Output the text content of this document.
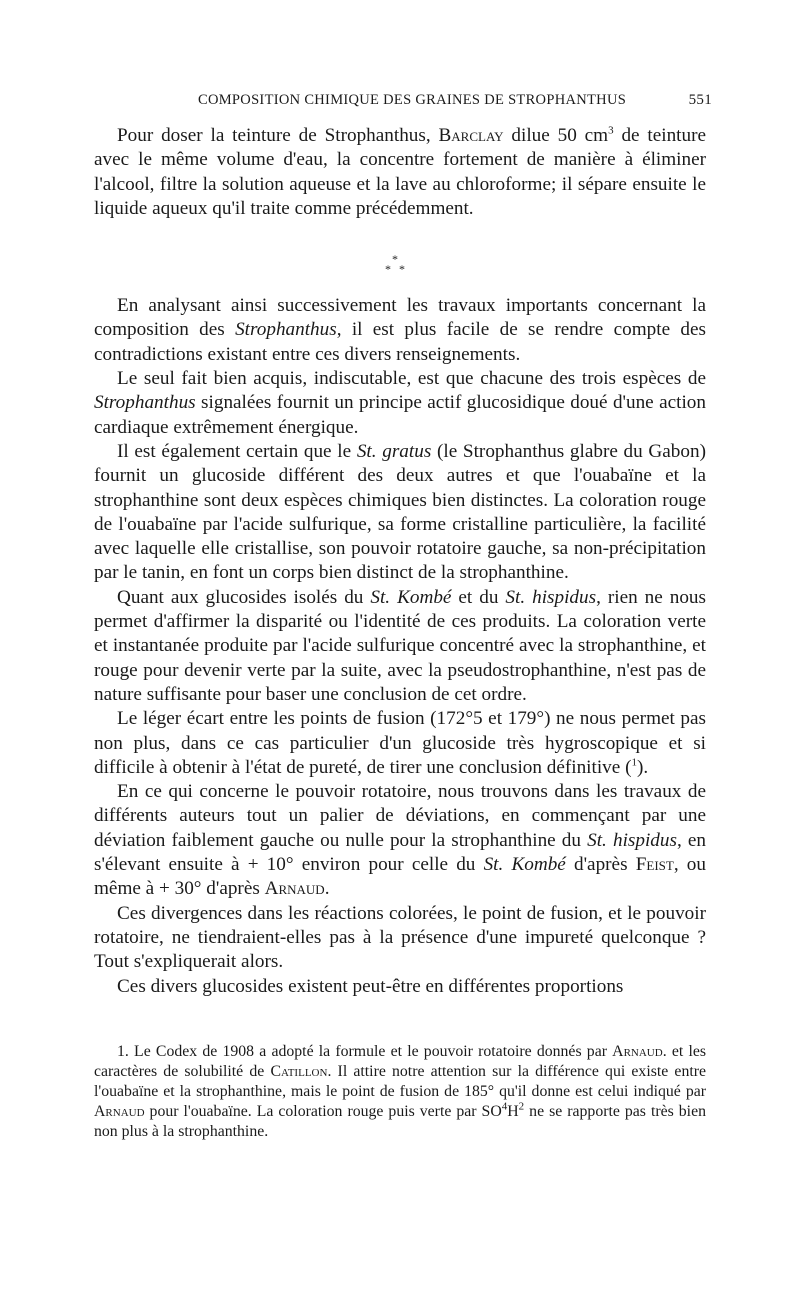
COMPOSITION CHIMIQUE DES GRAINES DE STROPHANTHUS	551

Pour doser la teinture de Strophanthus, Barclay dilue 50 $cm^3$ de teinture avec le même volume d'eau, la concentre fortement de manière à éliminer l'alcool, filtre la solution aqueuse et la lave au chloroforme; il sépare ensuite le liquide aqueux qu'il traite comme précédemment.

*
* *

En analysant ainsi successivement les travaux importants concernant la composition des Strophanthus, il est plus facile de se rendre compte des contradictions existant entre ces divers renseignements.

Le seul fait bien acquis, indiscutable, est que chacune des trois espèces de Strophanthus signalées fournit un principe actif glucosidique doué d'une action cardiaque extrêmement énergique.

Il est également certain que le St. gratus (le Strophanthus glabre du Gabon) fournit un glucoside différent des deux autres et que l'ouabaïne et la strophanthine sont deux espèces chimiques bien distinctes. La coloration rouge de l'ouabaïne par l'acide sulfurique, sa forme cristalline particulière, la facilité avec laquelle elle cristallise, son pouvoir rotatoire gauche, sa non-précipitation par le tanin, en font un corps bien distinct de la strophanthine.

Quant aux glucosides isolés du St. Kombé et du St. hispidus, rien ne nous permet d'affirmer la disparité ou l'identité de ces produits. La coloration verte et instantanée produite par l'acide sulfurique concentré avec la strophanthine, et rouge pour devenir verte par la suite, avec la pseudostrophanthine, n'est pas de nature suffisante pour baser une conclusion de cet ordre.

Le léger écart entre les points de fusion (172°5 et 179°) ne nous permet pas non plus, dans ce cas particulier d'un glucoside très hygroscopique et si difficile à obtenir à l'état de pureté, de tirer une conclusion définitive ($^1$).

En ce qui concerne le pouvoir rotatoire, nous trouvons dans les travaux de différents auteurs tout un palier de déviations, en commençant par une déviation faiblement gauche ou nulle pour la strophanthine du St. hispidus, en s'élevant ensuite à + 10° environ pour celle du St. Kombé d'après Feist, ou même à + 30° d'après Arnaud.

Ces divergences dans les réactions colorées, le point de fusion, et le pouvoir rotatoire, ne tiendraient-elles pas à la présence d'une impureté quelconque ? Tout s'expliquerait alors.

Ces divers glucosides existent peut-être en différentes proportions

1. Le Codex de 1908 a adopté la formule et le pouvoir rotatoire donnés par Arnaud. et les caractères de solubilité de Catillon. Il attire notre attention sur la différence qui existe entre l'ouabaïne et la strophanthine, mais le point de fusion de 185° qu'il donne est celui indiqué par Arnaud pour l'ouabaïne. La coloration rouge puis verte par $SO^4H^2$ ne se rapporte pas très bien non plus à la strophanthine.
